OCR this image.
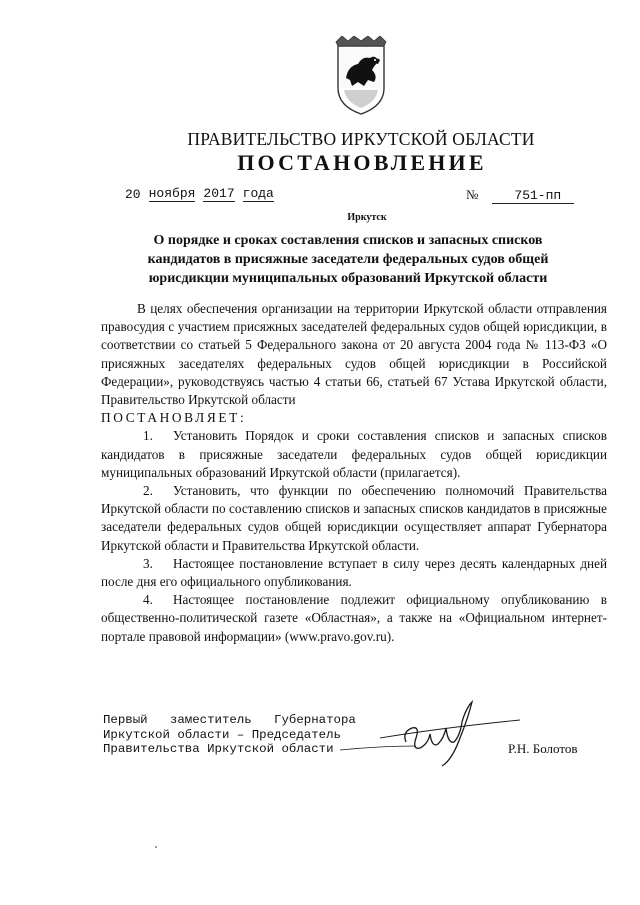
ПРАВИТЕЛЬСТВО ИРКУТСКОЙ ОБЛАСТИ
ПОСТАНОВЛЕНИЕ
20 ноября 2017 года	№	751-пп
Иркутск
О порядке и сроках составления списков и запасных списков кандидатов в присяжные заседатели федеральных судов общей юрисдикции муниципальных образований Иркутской области

В целях обеспечения организации на территории Иркутской области отправления правосудия с участием присяжных заседателей федеральных судов общей юрисдикции, в соответствии со статьей 5 Федерального закона от 20 августа 2004 года № 113-ФЗ «О присяжных заседателях федеральных судов общей юрисдикции в Российской Федерации», руководствуясь частью 4 статьи 66, статьей 67 Устава Иркутской области, Правительство Иркутской области

ПОСТАНОВЛЯЕТ:

1. Установить Порядок и сроки составления списков и запасных списков кандидатов в присяжные заседатели федеральных судов общей юрисдикции муниципальных образований Иркутской области (прилагается).

2. Установить, что функции по обеспечению полномочий Правительства Иркутской области по составлению списков и запасных списков кандидатов в присяжные заседатели федеральных судов общей юрисдикции осуществляет аппарат Губернатора Иркутской области и Правительства Иркутской области.

3. Настоящее постановление вступает в силу через десять календарных дней после дня его официального опубликования.

4. Настоящее постановление подлежит официальному опубликованию в общественно-политической газете «Областная», а также на «Официальном интернет-портале правовой информации» (www.pravo.gov.ru).

Первый   заместитель   Губернатора
Иркутской области – Председатель
Правительства Иркутской области	Р.Н. Болотов
